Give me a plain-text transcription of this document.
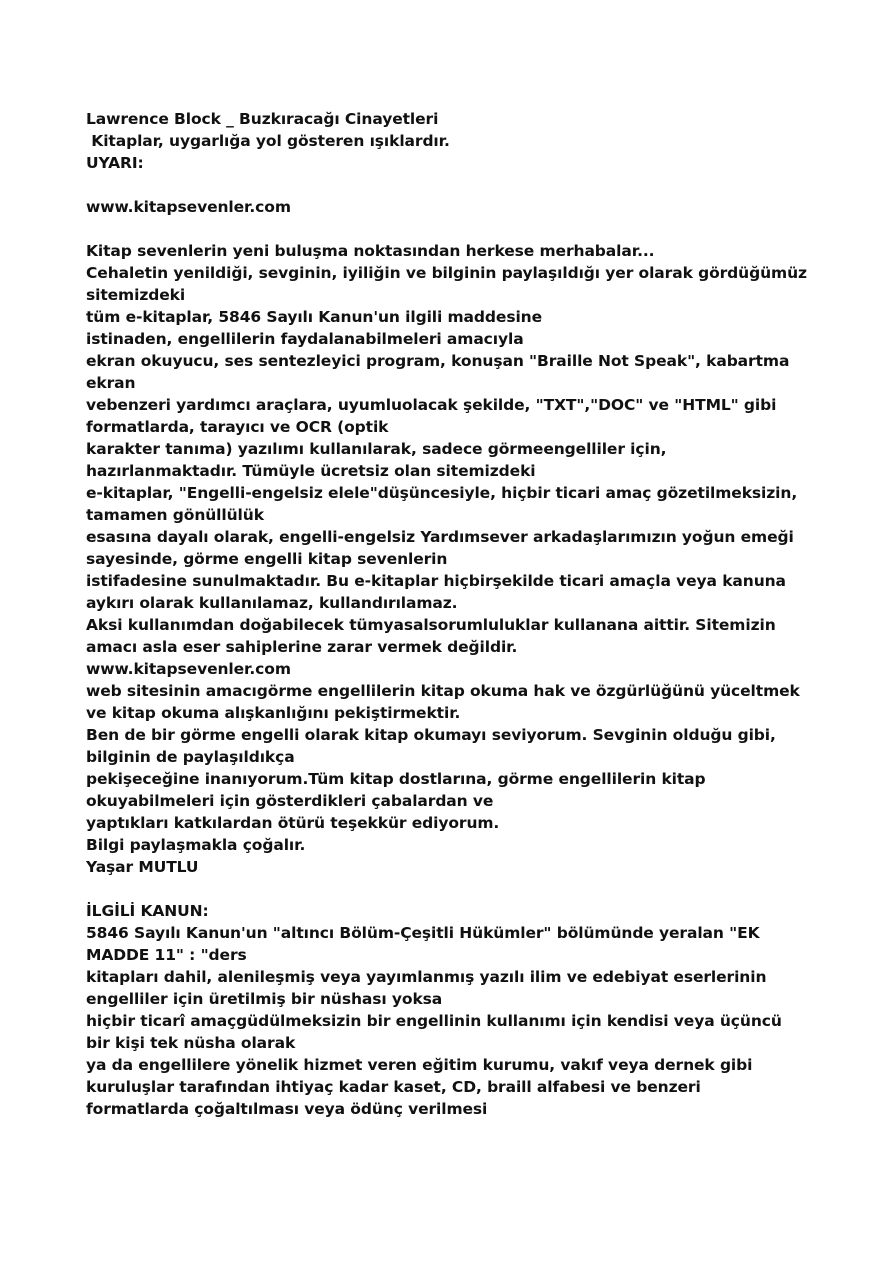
Lawrence Block _ Buzkıracağı Cinayetleri
Kitaplar, uygarlığa yol gösteren ışıklardır.
UYARI:
www.kitapsevenler.com
Kitap sevenlerin yeni buluşma noktasından herkese merhabalar...
Cehaletin yenildiği, sevginin, iyiliğin ve bilginin paylaşıldığı yer olarak gördüğümüz sitemizdeki
tüm e-kitaplar, 5846 Sayılı Kanun'un ilgili maddesine
istinaden, engellilerin faydalanabilmeleri amacıyla
ekran okuyucu, ses sentezleyici program, konuşan "Braille Not Speak", kabartma ekran
vebenzeri yardımcı araçlara, uyumluolacak şekilde, "TXT","DOC" ve "HTML" gibi formatlarda, tarayıcı ve OCR (optik
karakter tanıma) yazılımı kullanılarak, sadece görmeengelliler için, hazırlanmaktadır. Tümüyle ücretsiz olan sitemizdeki
e-kitaplar, "Engelli-engelsiz elele"düşüncesiyle, hiçbir ticari amaç gözetilmeksizin, tamamen gönüllülük
esasına dayalı olarak, engelli-engelsiz Yardımsever arkadaşlarımızın yoğun emeği sayesinde, görme engelli kitap sevenlerin
istifadesine sunulmaktadır. Bu e-kitaplar hiçbirşekilde ticari amaçla veya kanuna aykırı olarak kullanılamaz, kullandırılamaz.
Aksi kullanımdan doğabilecek tümyasalsorumluluklar kullanana aittir. Sitemizin amacı asla eser sahiplerine zarar vermek değildir.
www.kitapsevenler.com
web sitesinin amacıgörme engellilerin kitap okuma hak ve özgürlüğünü yüceltmek
ve kitap okuma alışkanlığını pekiştirmektir.
Ben de bir görme engelli olarak kitap okumayı seviyorum. Sevginin olduğu gibi, bilginin de paylaşıldıkça
pekişeceğine inanıyorum.Tüm kitap dostlarına, görme engellilerin kitap okuyabilmeleri için gösterdikleri çabalardan ve
yaptıkları katkılardan ötürü teşekkür ediyorum.
Bilgi paylaşmakla çoğalır.
Yaşar MUTLU
İLGİLİ KANUN:
5846 Sayılı Kanun'un "altıncı Bölüm-Çeşitli Hükümler" bölümünde yeralan "EK MADDE 11" : "ders
kitapları dahil, alenileşmiş veya yayımlanmış yazılı ilim ve edebiyat eserlerinin engelliler için üretilmiş bir nüshası yoksa
hiçbir ticarî amaçgüdülmeksizin bir engellinin kullanımı için kendisi veya üçüncü bir kişi tek nüsha olarak
ya da engellilere yönelik hizmet veren eğitim kurumu, vakıf veya dernek gibi kuruluşlar tarafından ihtiyaç kadar kaset, CD, braill alfabesi ve benzeri formatlarda çoğaltılması veya ödünç verilmesi
